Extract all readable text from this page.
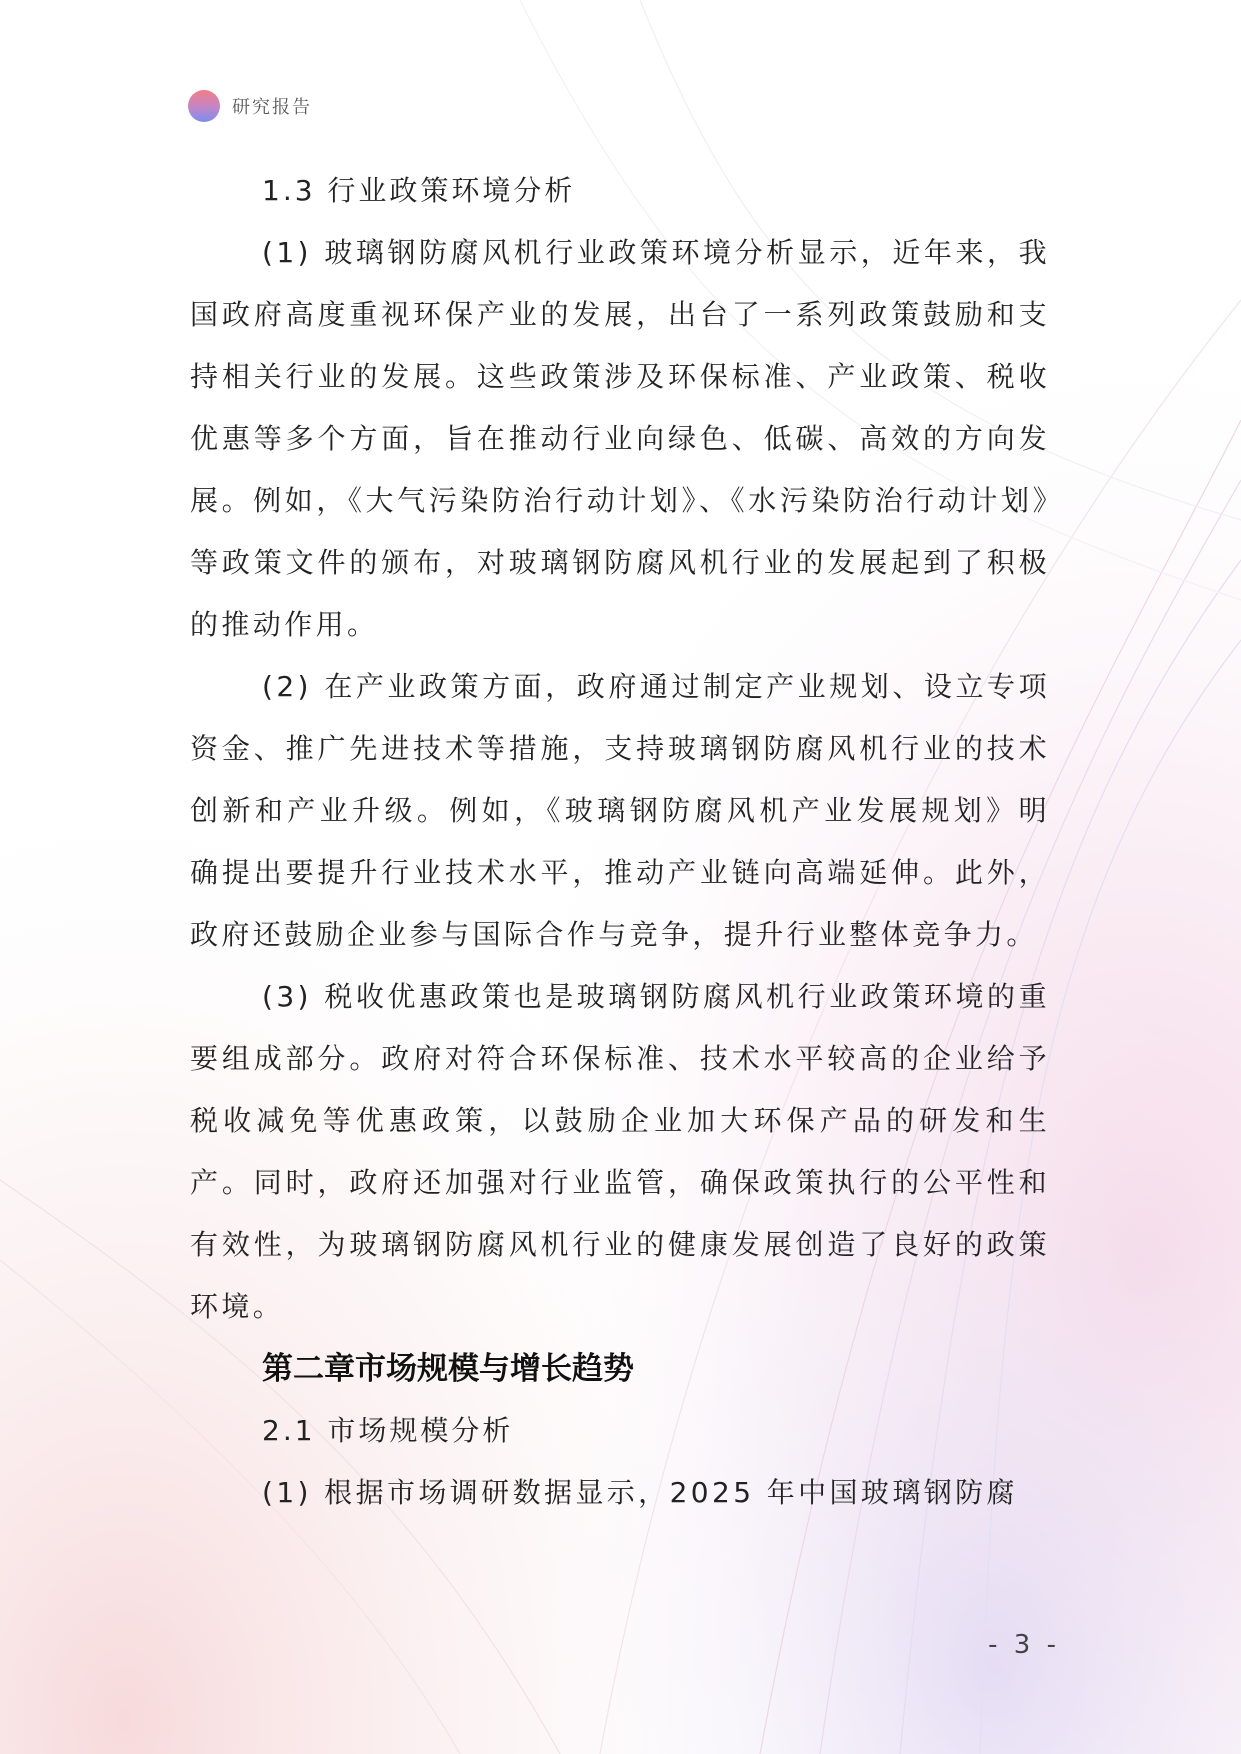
研究报告
1.3 行业政策环境分析

(1) 玻璃钢防腐风机行业政策环境分析显示，近年来，我国政府高度重视环保产业的发展，出台了一系列政策鼓励和支持相关行业的发展。这些政策涉及环保标准、产业政策、税收优惠等多个方面，旨在推动行业向绿色、低碳、高效的方向发展。例如，《大气污染防治行动计划》、《水污染防治行动计划》等政策文件的颁布，对玻璃钢防腐风机行业的发展起到了积极的推动作用。

(2) 在产业政策方面，政府通过制定产业规划、设立专项资金、推广先进技术等措施，支持玻璃钢防腐风机行业的技术创新和产业升级。例如，《玻璃钢防腐风机产业发展规划》明确提出要提升行业技术水平，推动产业链向高端延伸。此外，政府还鼓励企业参与国际合作与竞争，提升行业整体竞争力。

(3) 税收优惠政策也是玻璃钢防腐风机行业政策环境的重要组成部分。政府对符合环保标准、技术水平较高的企业给予税收减免等优惠政策，以鼓励企业加大环保产品的研发和生产。同时，政府还加强对行业监管，确保政策执行的公平性和有效性，为玻璃钢防腐风机行业的健康发展创造了良好的政策环境。

第二章市场规模与增长趋势
2.1 市场规模分析

(1) 根据市场调研数据显示，2025 年中国玻璃钢防腐

- 3 -
